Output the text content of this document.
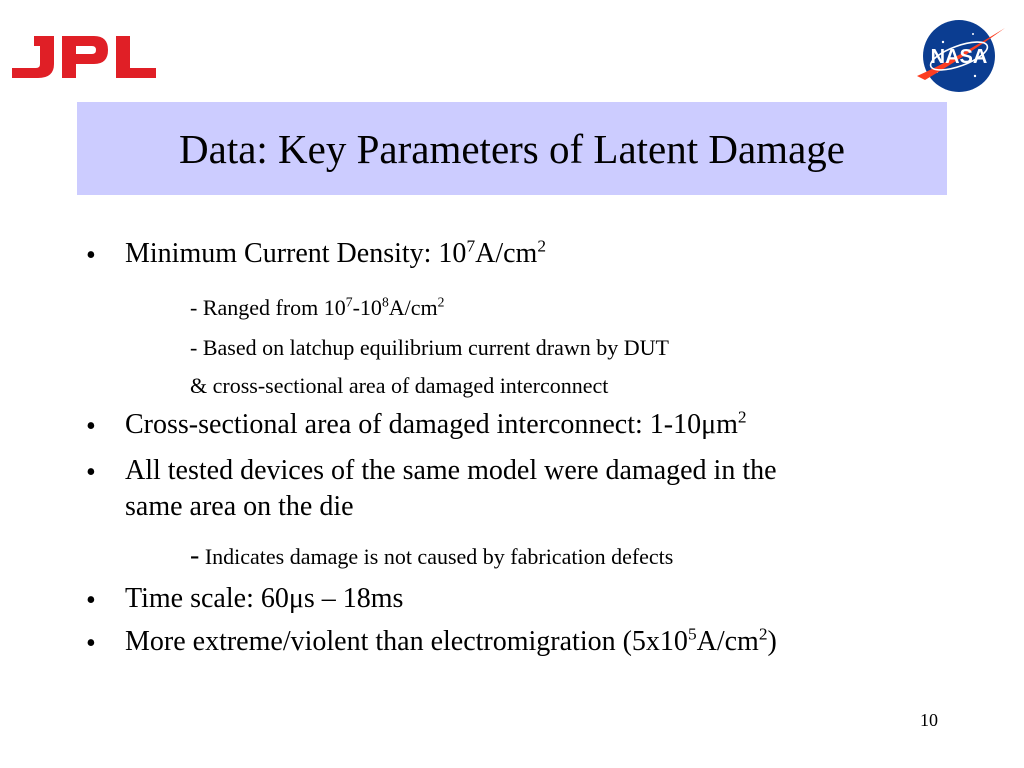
NASA
Data: Key Parameters of Latent Damage
• Minimum Current Density: $10^7A/cm^2$
- Ranged from $10^7-10^8A/cm^2$
- Based on latchup equilibrium current drawn by DUT
& cross-sectional area of damaged interconnect
• Cross-sectional area of damaged interconnect: $1-10\mu m^2$
• All tested devices of the same model were damaged in the
same area on the die
- Indicates damage is not caused by fabrication defects
• Time scale: 60μs – 18ms
• More extreme/violent than electromigration $(5x10^5A/cm^2)$
10
